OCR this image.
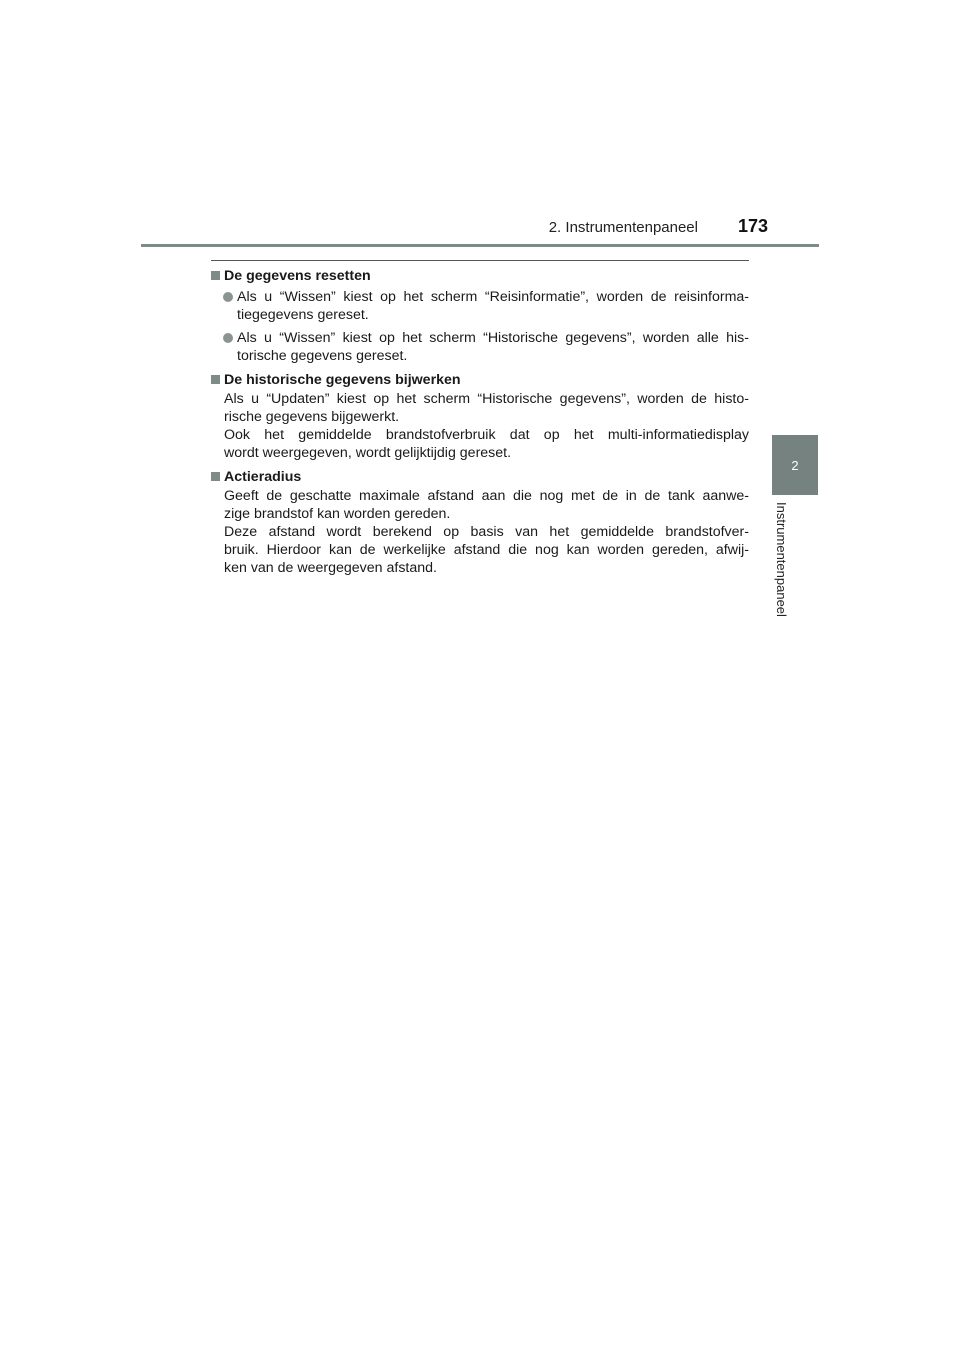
2. Instrumentenpaneel 173
2
Instrumentenpaneel
De gegevens resetten
Als u “Wissen” kiest op het scherm “Reisinformatie”, worden de reisinforma-tiegegevens gereset.
Als u “Wissen” kiest op het scherm “Historische gegevens”, worden alle his-torische gegevens gereset.
De historische gegevens bijwerken
Als u “Updaten” kiest op het scherm “Historische gegevens”, worden de histo-
rische gegevens bijgewerkt.
Ook het gemiddelde brandstofverbruik dat op het multi-informatiedisplay
wordt weergegeven, wordt gelijktijdig gereset.
Actieradius
Geeft de geschatte maximale afstand aan die nog met de in de tank aanwe-
zige brandstof kan worden gereden.
Deze afstand wordt berekend op basis van het gemiddelde brandstofver-
bruik. Hierdoor kan de werkelijke afstand die nog kan worden gereden, afwij-
ken van de weergegeven afstand.
